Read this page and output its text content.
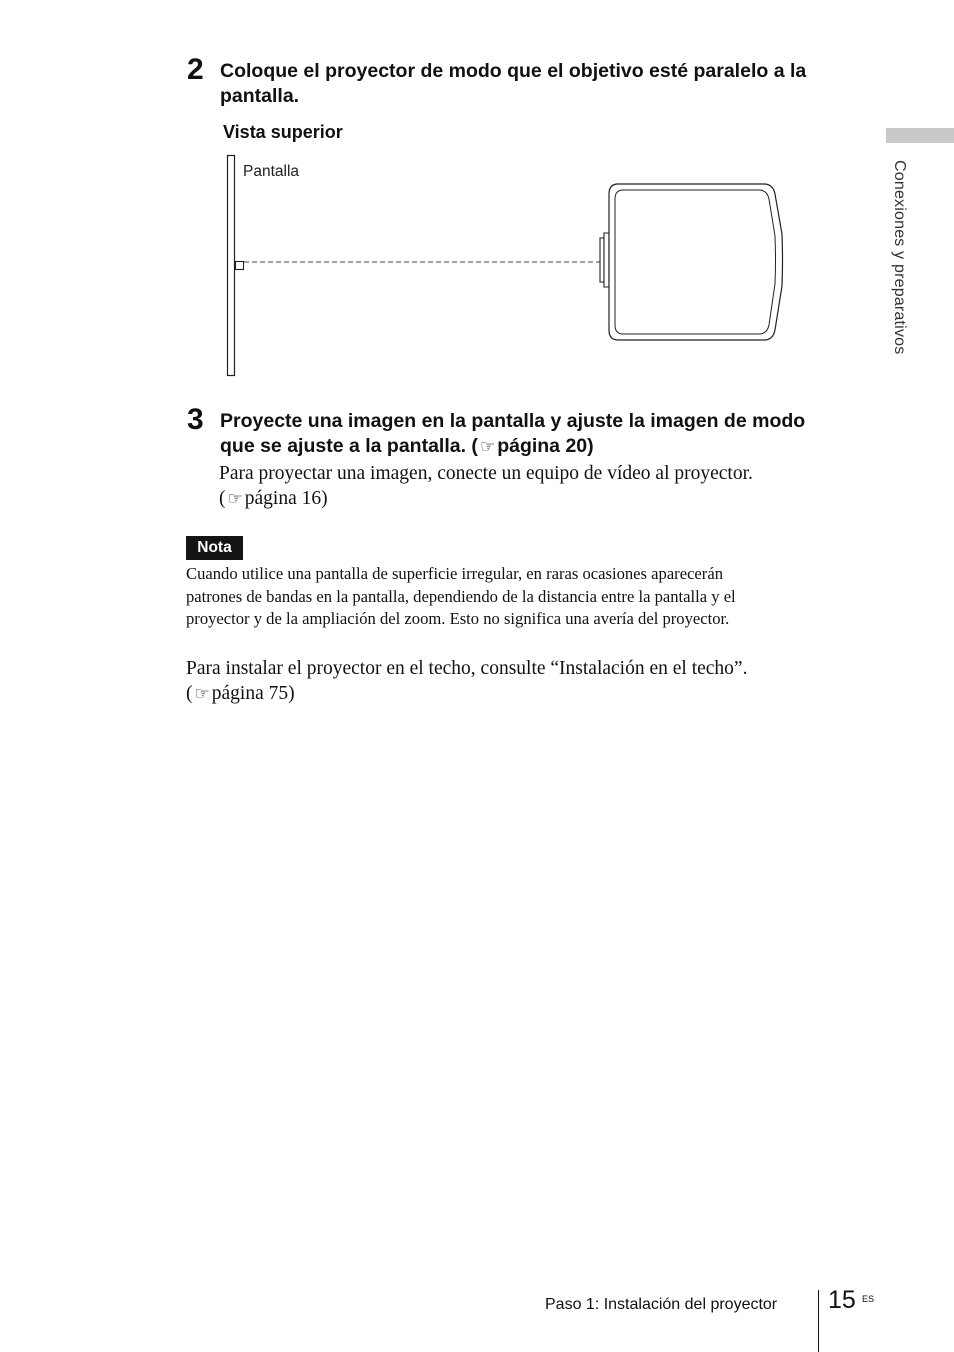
Conexiones y preparativos
2 Coloque el proyector de modo que el objetivo esté paralelo a la
pantalla.
Vista superior
Pantalla
3 Proyecte una imagen en la pantalla y ajuste la imagen de modo
que se ajuste a la pantalla. ( ☞ página 20)
Para proyectar una imagen, conecte un equipo de vídeo al proyector.
( ☞ página 16)
Nota
Cuando utilice una pantalla de superficie irregular, en raras ocasiones aparecerán
patrones de bandas en la pantalla, dependiendo de la distancia entre la pantalla y el
proyector y de la ampliación del zoom. Esto no significa una avería del proyector.
Para instalar el proyector en el techo, consulte “Instalación en el techo”.
( ☞ página 75)
Paso 1: Instalación del proyector 15 ES
